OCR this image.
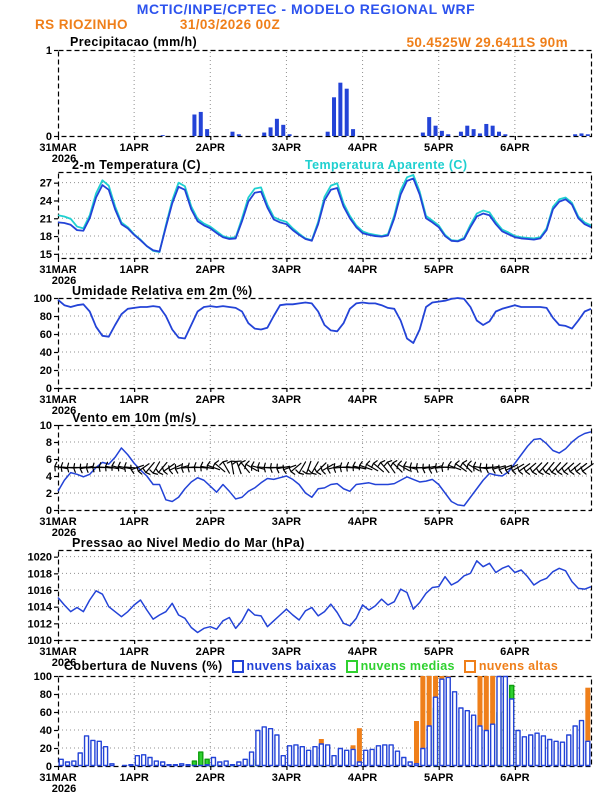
MCTIC/INPE/CPTEC - MODELO REGIONAL WRF
RS RIOZINHO	31/03/2026 00Z
50.4525W 29.6411S 90m
Precipitacao (mm/h)
2-m Temperatura (C)	Temperatura Aparente (C)
Umidade Relativa em 2m (%)
Vento em 10m (m/s)
Pressao ao Nivel Medio do Mar (hPa)
Cobertura de Nuvens (%) nuvens baixas nuvens medias nuvens altas
